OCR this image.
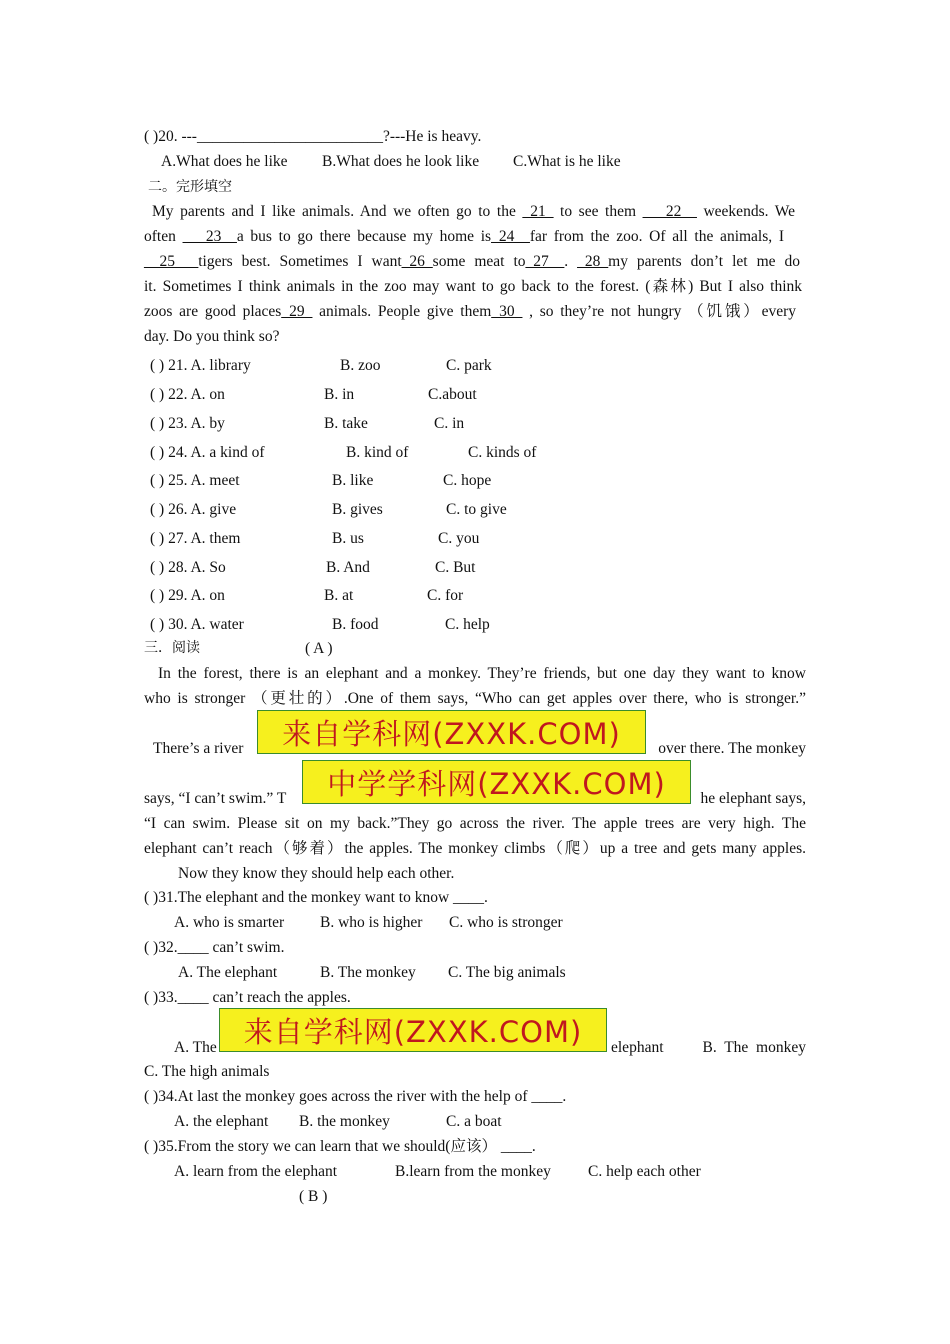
( )20. ---________________________?---He is heavy.
A.What does he like B.What does he look like C.What is he like
二。完形填空
My parents and I like animals. And we often go to the _21_ to see them ___22__ weekends. We
often ___23__a bus to go there because my home is_24__far from the zoo. Of all the animals, I
__25___tigers best. Sometimes I want_26_some meat to_27__. _28_my parents don’t let me do
it. Sometimes I think animals in the zoo may want to go back to the forest. (森林) But I also think
zoos are good places_29_ animals. People give them_30_ , so they’re not hungry （饥饿）every
day. Do you think so?
( ) 21. A. library	B. zoo	C. park
( ) 22. A. on	B. in	C.about
( ) 23. A. by	B. take	C. in
( ) 24. A. a kind of	B. kind of	C. kinds of
( ) 25. A. meet	B. like	C. hope
( ) 26. A. give	B. gives	C. to give
( ) 27. A. them	B. us	C. you
( ) 28. A. So	B. And	C. But
( ) 29. A. on	B. at	C. for
( ) 30. A. water	B. food	C. help
三．阅读	( A )
In the forest, there is an elephant and a monkey. They’re friends, but one day they want to know
who is stronger （更壮的）.One of them says, “Who can get apples over there, who is stronger.”
There’s a river	over there. The monkey
says, “I can’t swim.” T	he elephant says,
“I can swim. Please sit on my back.”They go across the river. The apple trees are very high. The
elephant can’t reach（够着）the apples. The monkey climbs（爬）up a tree and gets many apples.
Now they know they should help each other.
来自学科网(ZXXK.COM)
中学学科网(ZXXK.COM)
来自学科网(ZXXK.COM)
( )31.The elephant and the monkey want to know ____.
A. who is smarter B. who is higher C. who is stronger
( )32.____ can’t swim.
A. The elephant	B. The monkey C. The big animals
( )33.____ can’t reach the apples.
A. The	elephant	B.  The  monkey
C. The high animals
( )34.At last the monkey goes across the river with the help of ____.
A. the elephant B. the monkey	C. a boat
( )35.From the story we can learn that we should(应该） ____.
A. learn from the elephant	B.learn from the monkey C. help each other
( B )
